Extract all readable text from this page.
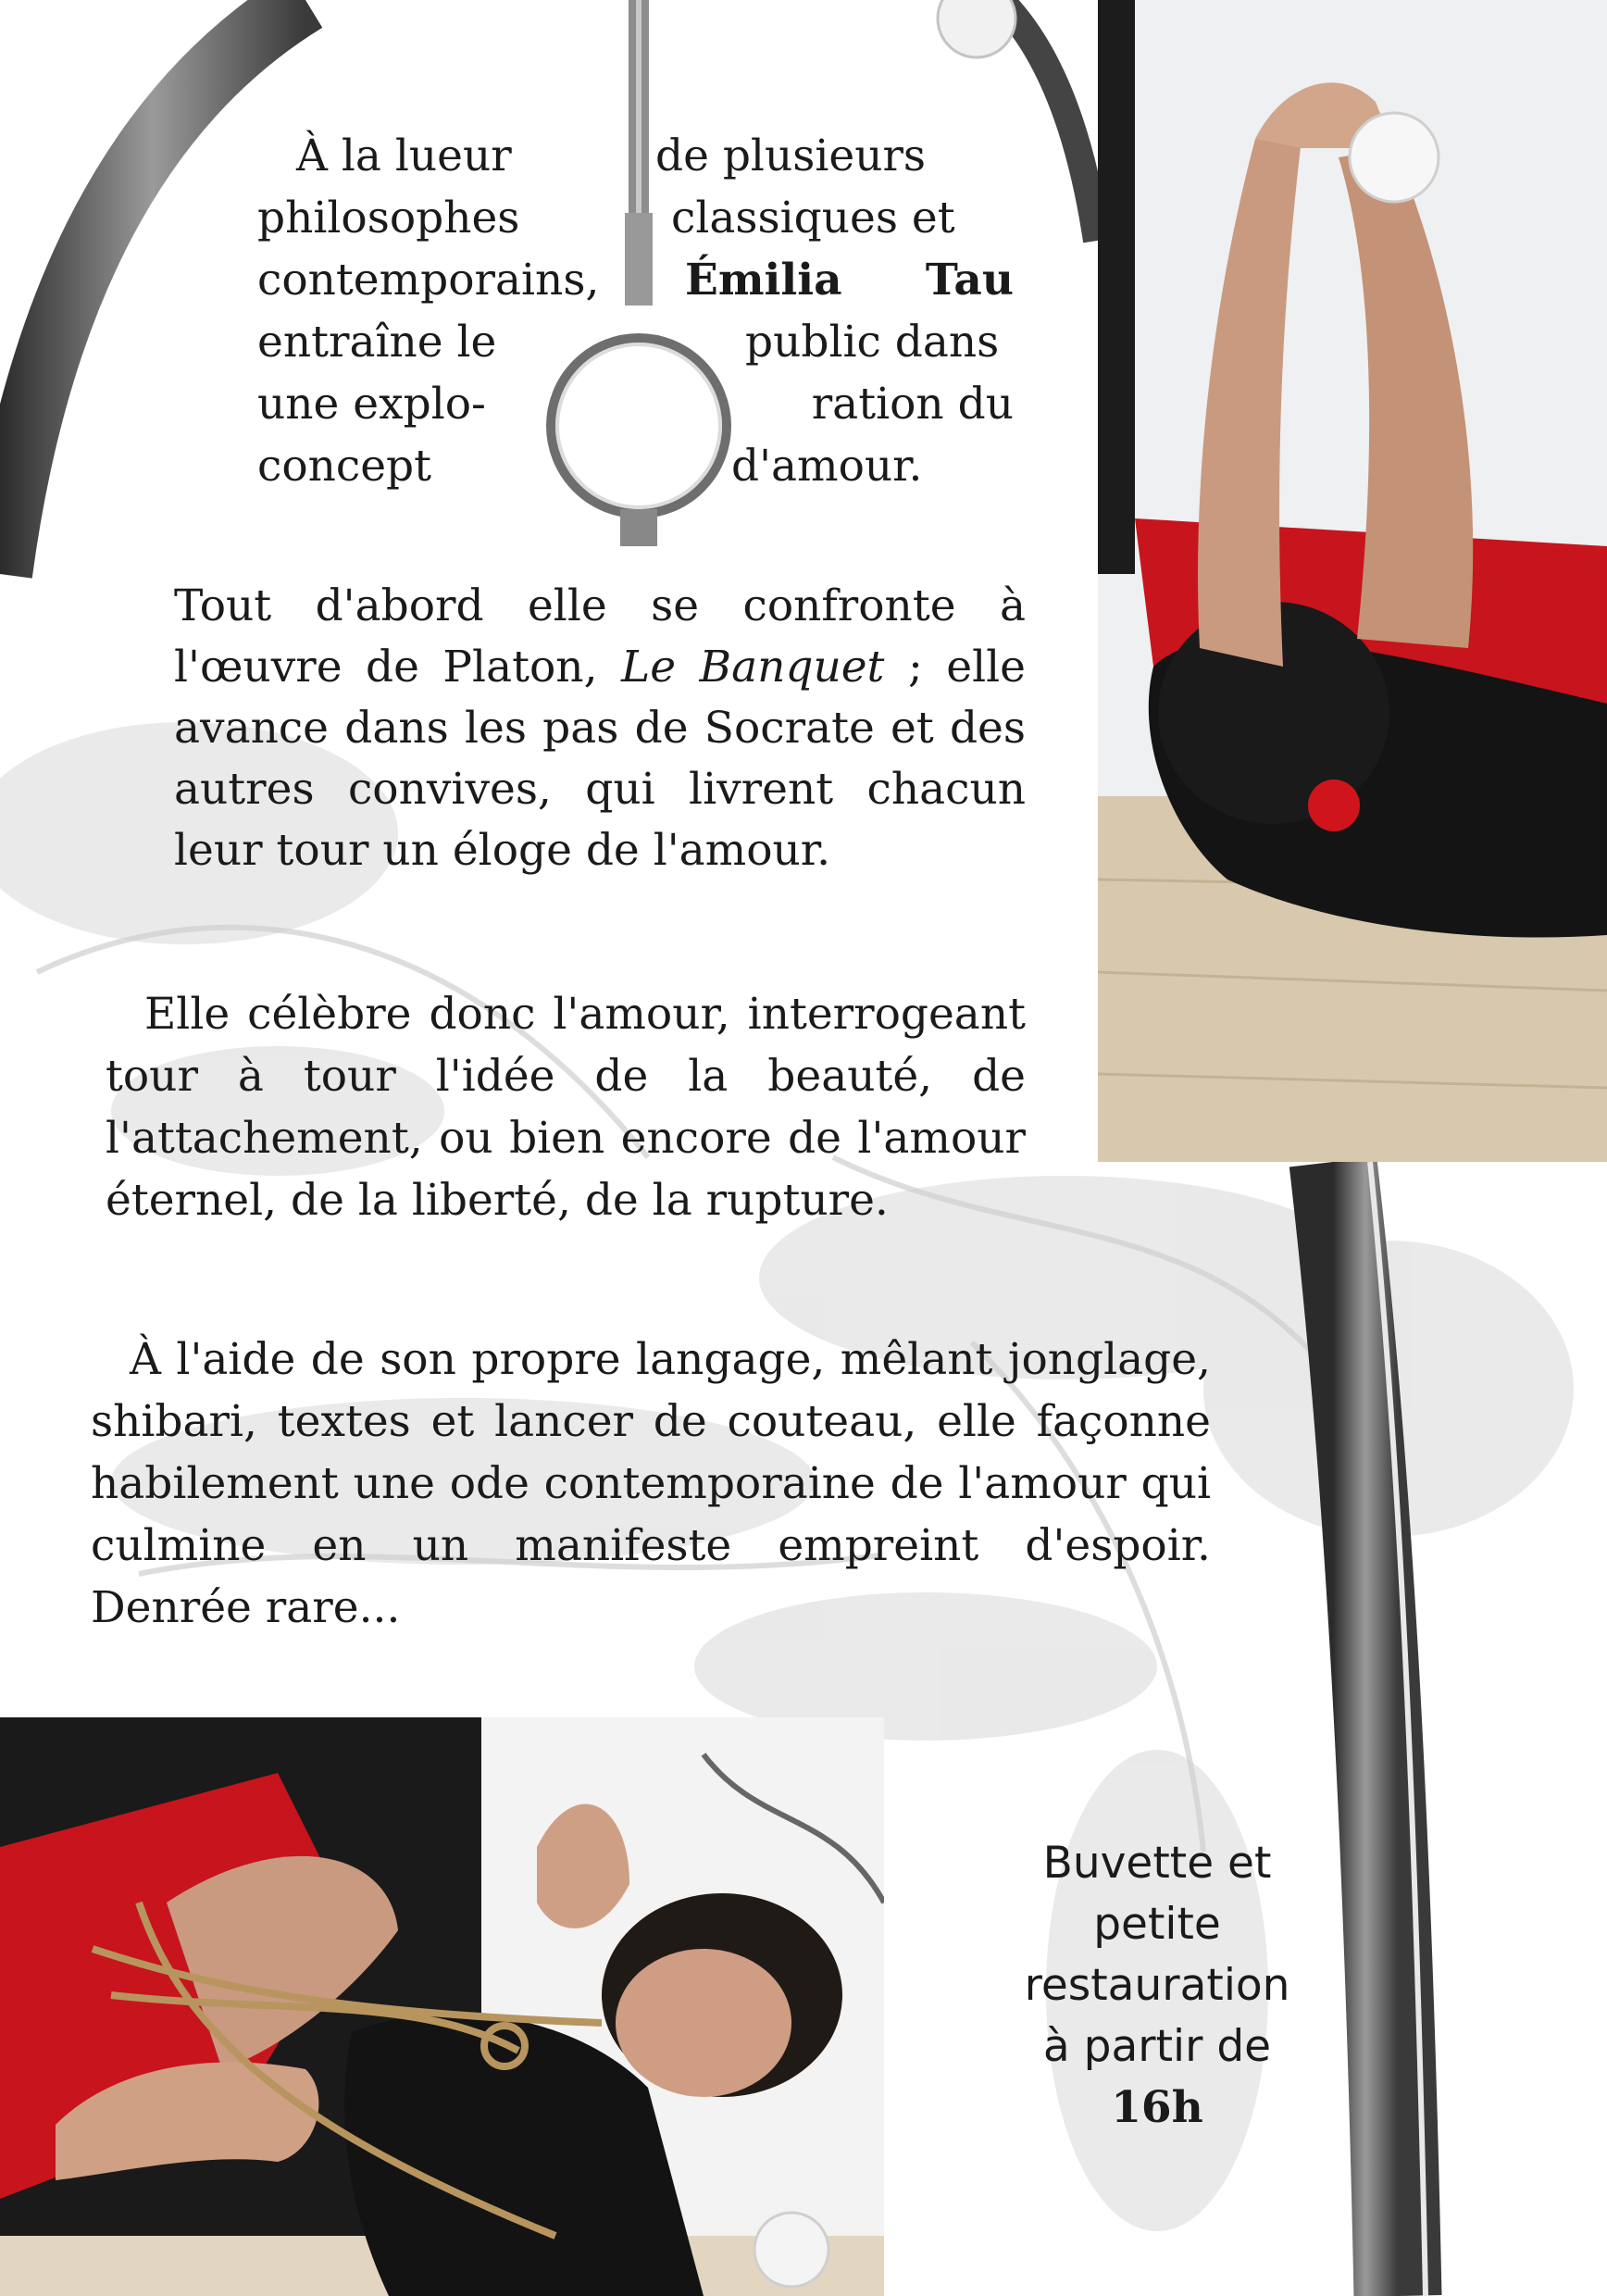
À la lueur
philosophes
contemporains,
entraîne le
une explo-
concept
de plusieurs
classiques et
Émilia Tau
public dans
ration du
d'amour.

Tout d'abord elle se confronte à l'œuvre de Platon, Le Banquet ; elle avance dans les pas de Socrate et des autres convives, qui livrent chacun leur tour un éloge de l'amour.

Elle célèbre donc l'amour, interrogeant tour à tour l'idée de la beauté, de l'attachement, ou bien encore de l'amour éternel, de la liberté, de la rupture.

À l'aide de son propre langage, mêlant jonglage, shibari, textes et lancer de couteau, elle façonne habilement une ode contemporaine de l'amour qui culmine en un manifeste empreint d'espoir. Denrée rare...

Buvette et
petite
restauration
à partir de
16h
